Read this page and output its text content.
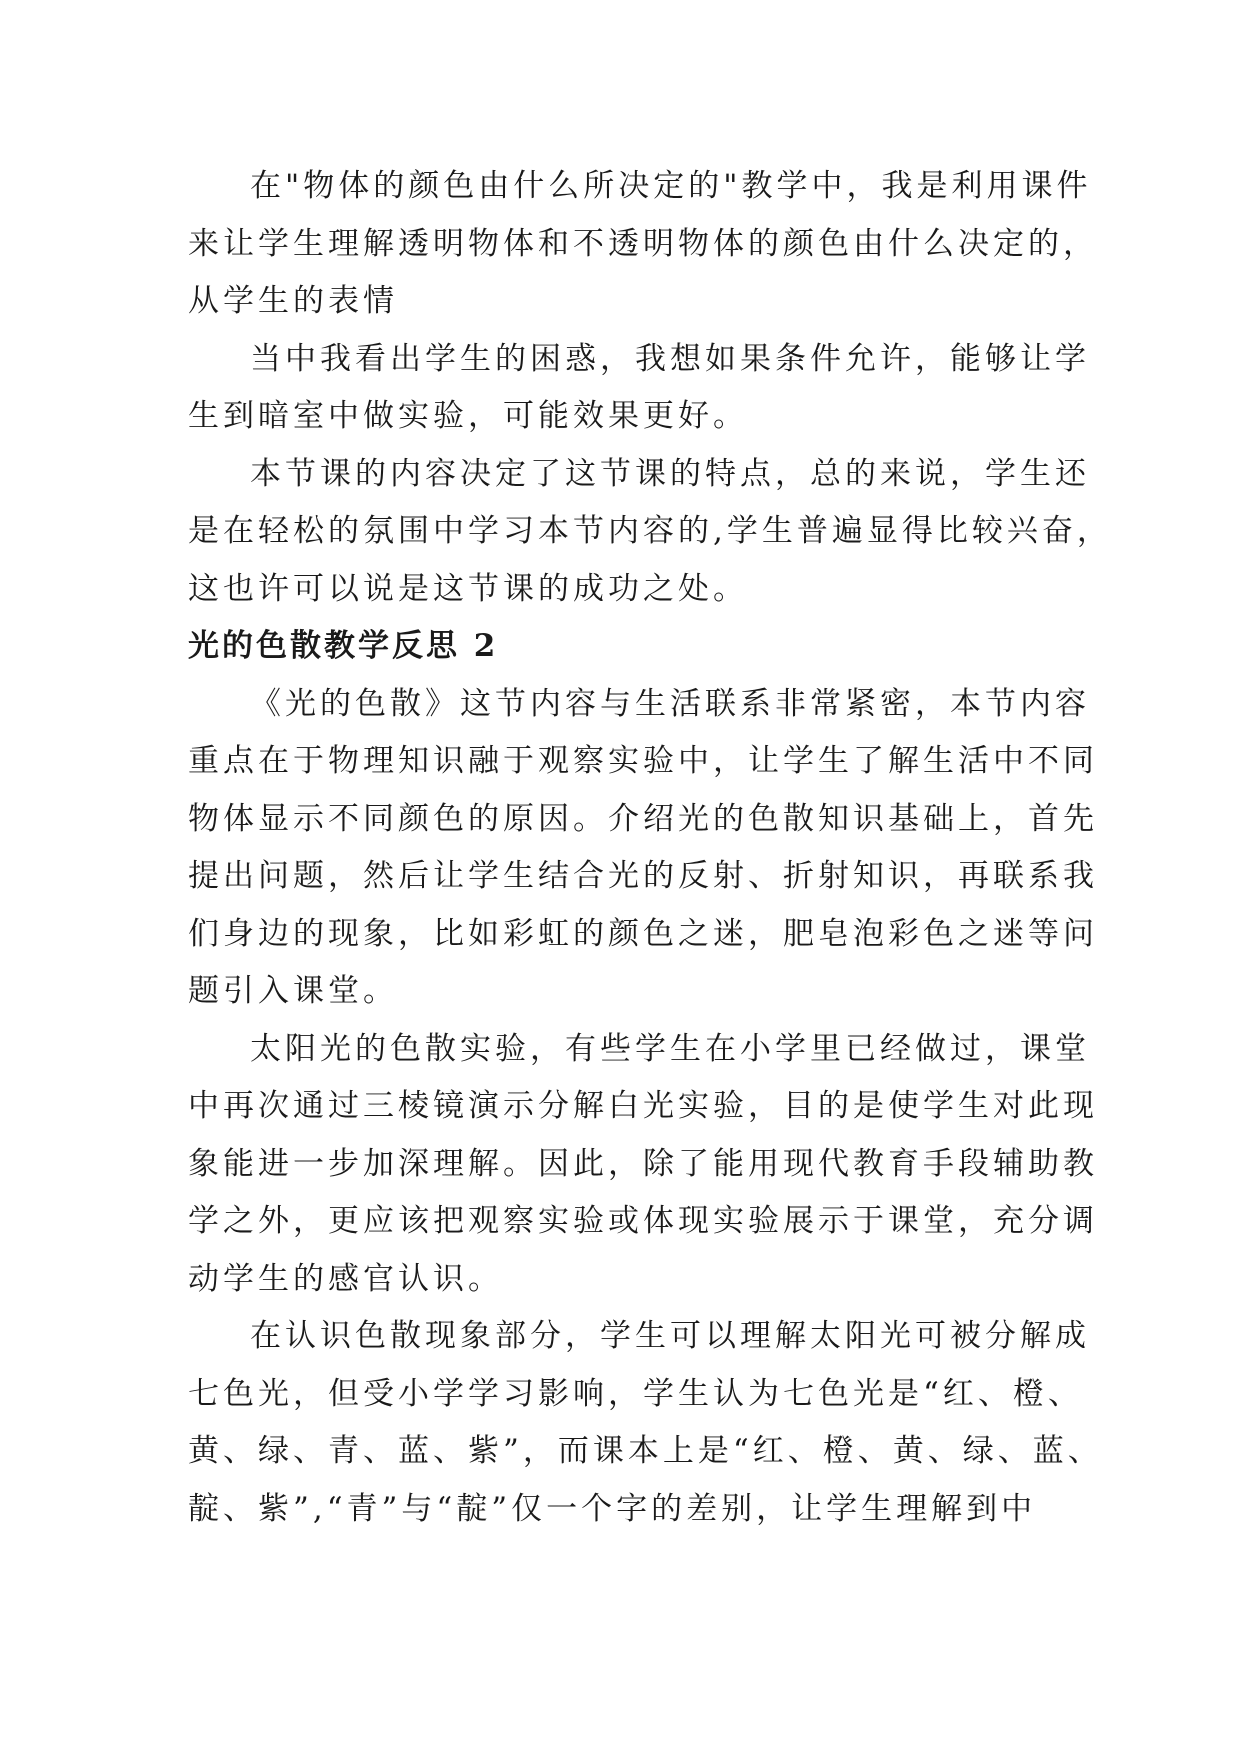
在"物体的颜色由什么所决定的"教学中，我是利用课件
来让学生理解透明物体和不透明物体的颜色由什么决定的，
从学生的表情

当中我看出学生的困惑，我想如果条件允许，能够让学
生到暗室中做实验，可能效果更好。

本节课的内容决定了这节课的特点，总的来说，学生还
是在轻松的氛围中学习本节内容的,学生普遍显得比较兴奋，
这也许可以说是这节课的成功之处。

光的色散教学反思 2

《光的色散》这节内容与生活联系非常紧密，本节内容
重点在于物理知识融于观察实验中，让学生了解生活中不同
物体显示不同颜色的原因。介绍光的色散知识基础上，首先
提出问题，然后让学生结合光的反射、折射知识，再联系我
们身边的现象，比如彩虹的颜色之迷，肥皂泡彩色之迷等问
题引入课堂。

太阳光的色散实验，有些学生在小学里已经做过，课堂
中再次通过三棱镜演示分解白光实验，目的是使学生对此现
象能进一步加深理解。因此，除了能用现代教育手段辅助教
学之外，更应该把观察实验或体现实验展示于课堂，充分调
动学生的感官认识。

在认识色散现象部分，学生可以理解太阳光可被分解成
七色光，但受小学学习影响，学生认为七色光是“红、橙、
黄、绿、青、蓝、紫”，而课本上是“红、橙、黄、绿、蓝、
靛、紫”,“青”与“靛”仅一个字的差别，让学生理解到中
